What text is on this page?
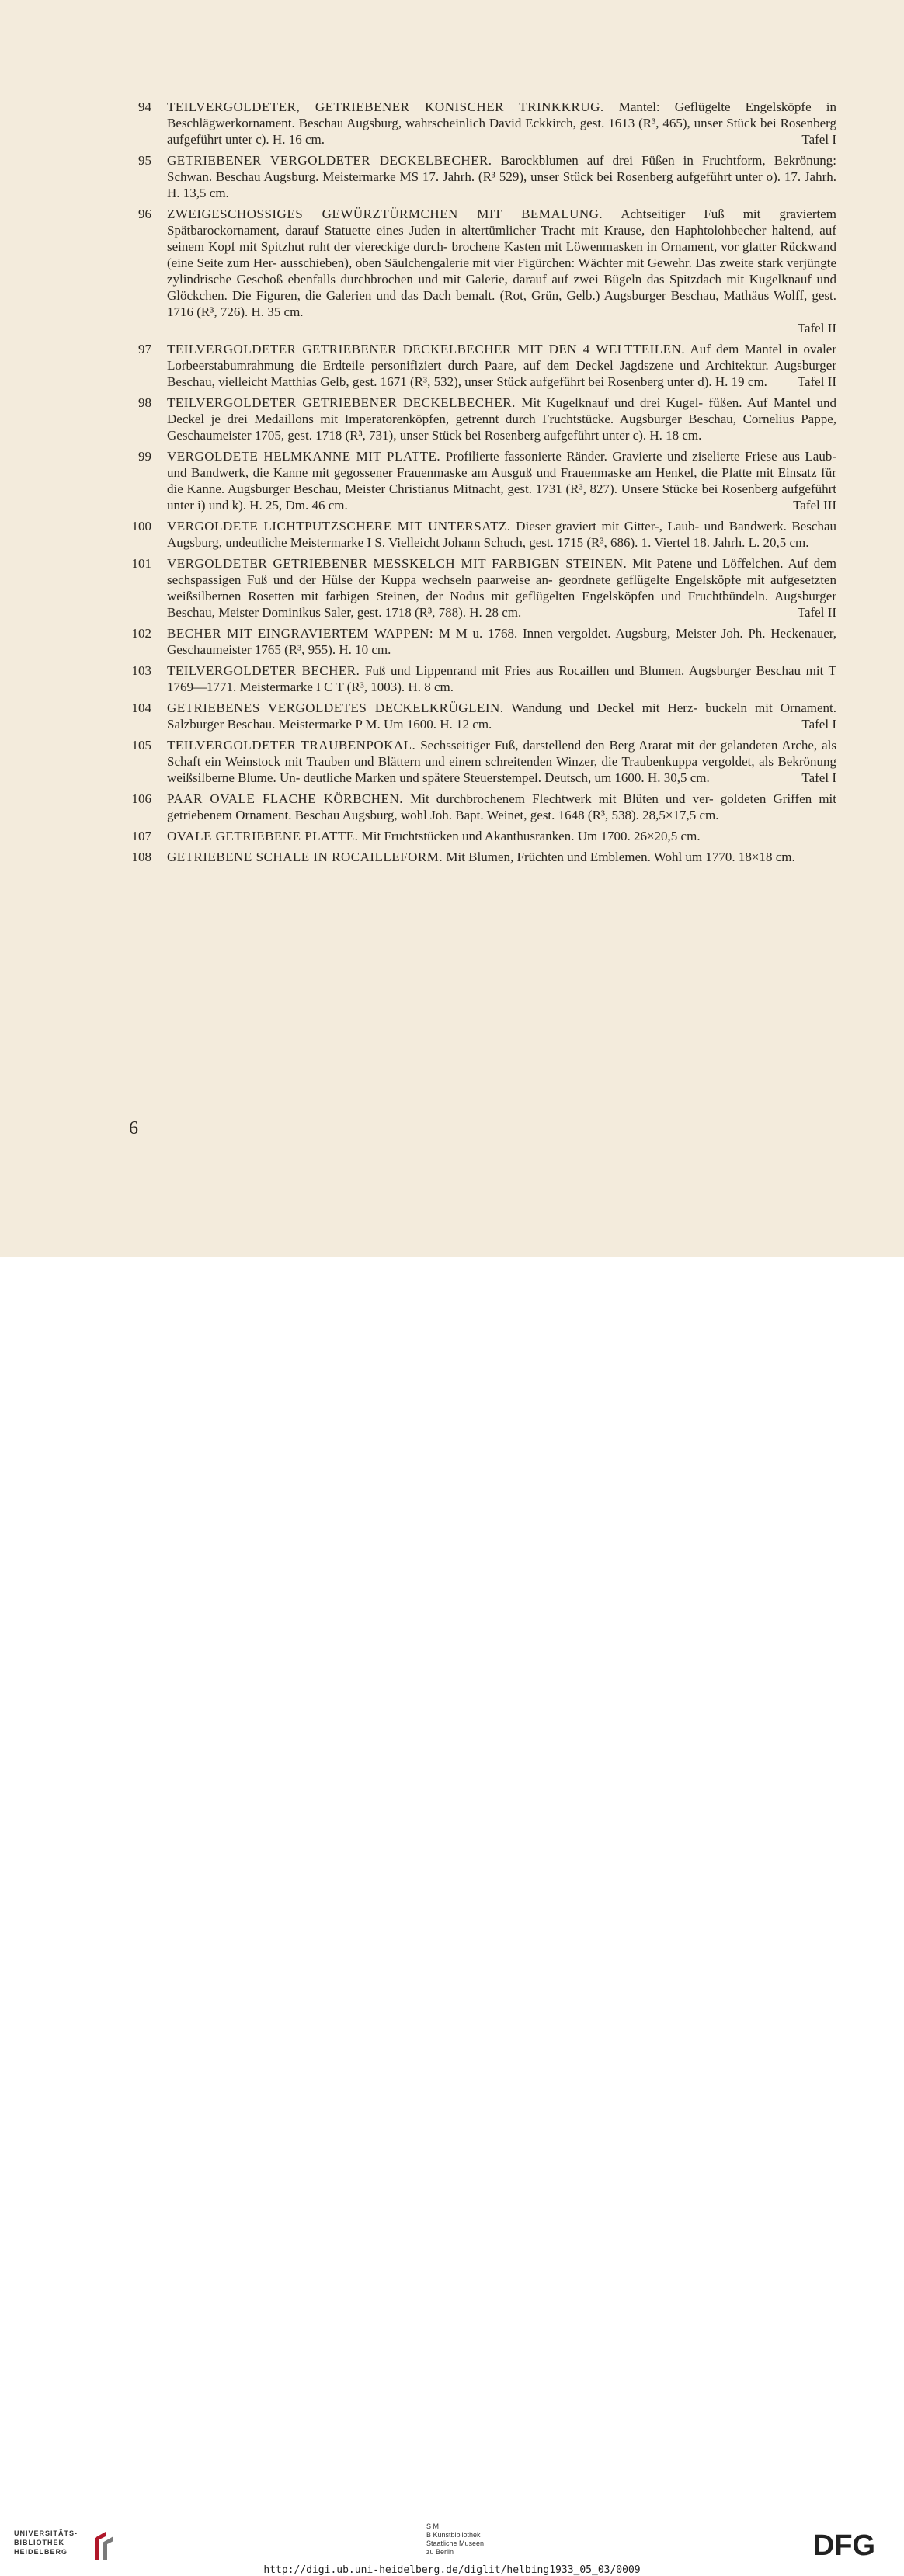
94 TEILVERGOLDETER, GETRIEBENER KONISCHER TRINKKRUG. Mantel: Geflügelte Engelsköpfe in Beschlägwerkornament. Beschau Augsburg, wahrscheinlich David Eckkirch, gest. 1613 (R³, 465), unser Stück bei Rosenberg aufgeführt unter c). H. 16 cm.	Tafel I
95 GETRIEBENER VERGOLDETER DECKELBECHER. Barockblumen auf drei Füßen in Fruchtform, Bekrönung: Schwan. Beschau Augsburg. Meistermarke MS 17. Jahrh. (R³ 529), unser Stück bei Rosenberg aufgeführt unter o). 17. Jahrh. H. 13,5 cm.
96 ZWEIGESCHOSSIGES GEWÜRZTÜRMCHEN MIT BEMALUNG. Achtseitiger Fuß mit graviertem Spätbarockornament, darauf Statuette eines Juden in altertümlicher Tracht mit Krause, den Haphtolohbecher haltend, auf seinem Kopf mit Spitzhut ruht der viereckige durch- brochene Kasten mit Löwenmasken in Ornament, vor glatter Rückwand (eine Seite zum Her- ausschieben), oben Säulchengalerie mit vier Figürchen: Wächter mit Gewehr. Das zweite stark verjüngte zylindrische Geschoß ebenfalls durchbrochen und mit Galerie, darauf auf zwei Bügeln das Spitzdach mit Kugelknauf und Glöckchen. Die Figuren, die Galerien und das Dach bemalt. (Rot, Grün, Gelb.) Augsburger Beschau, Mathäus Wolff, gest. 1716 (R³, 726). H. 35 cm.
Tafel II
97 TEILVERGOLDETER GETRIEBENER DECKELBECHER MIT DEN 4 WELTTEILEN. Auf dem Mantel in ovaler Lorbeerstabumrahmung die Erdteile personifiziert durch Paare, auf dem Deckel Jagdszene und Architektur. Augsburger Beschau, vielleicht Matthias Gelb, gest. 1671 (R³, 532), unser Stück aufgeführt bei Rosenberg unter d). H. 19 cm. Tafel II
98 TEILVERGOLDETER GETRIEBENER DECKELBECHER. Mit Kugelknauf und drei Kugel- füßen. Auf Mantel und Deckel je drei Medaillons mit Imperatorenköpfen, getrennt durch Fruchtstücke. Augsburger Beschau, Cornelius Pappe, Geschaumeister 1705, gest. 1718 (R³, 731), unser Stück bei Rosenberg aufgeführt unter c). H. 18 cm.
99 VERGOLDETE HELMKANNE MIT PLATTE. Profilierte fassonierte Ränder. Gravierte und ziselierte Friese aus Laub- und Bandwerk, die Kanne mit gegossener Frauenmaske am Ausguß und Frauenmaske am Henkel, die Platte mit Einsatz für die Kanne. Augsburger Beschau, Meister Christianus Mitnacht, gest. 1731 (R³, 827). Unsere Stücke bei Rosenberg aufgeführt unter i) und k). H. 25, Dm. 46 cm.	Tafel III
100 VERGOLDETE LICHTPUTZSCHERE MIT UNTERSATZ. Dieser graviert mit Gitter-, Laub- und Bandwerk. Beschau Augsburg, undeutliche Meistermarke I S. Vielleicht Johann Schuch, gest. 1715 (R³, 686). 1. Viertel 18. Jahrh. L. 20,5 cm.
101 VERGOLDETER GETRIEBENER MESSKELCH MIT FARBIGEN STEINEN. Mit Patene und Löffelchen. Auf dem sechspassigen Fuß und der Hülse der Kuppa wechseln paarweise an- geordnete geflügelte Engelsköpfe mit aufgesetzten weißsilbernen Rosetten mit farbigen Steinen, der Nodus mit geflügelten Engelsköpfen und Fruchtbündeln. Augsburger Beschau, Meister Dominikus Saler, gest. 1718 (R³, 788). H. 28 cm.	Tafel II
102 BECHER MIT EINGRAVIERTEM WAPPEN: M M u. 1768. Innen vergoldet. Augsburg, Meister Joh. Ph. Heckenauer, Geschaumeister 1765 (R³, 955). H. 10 cm.
103 TEILVERGOLDETER BECHER. Fuß und Lippenrand mit Fries aus Rocaillen und Blumen. Augsburger Beschau mit T 1769—1771. Meistermarke I C T (R³, 1003). H. 8 cm.
104 GETRIEBENES VERGOLDETES DECKELKRÜGLEIN. Wandung und Deckel mit Herz- buckeln mit Ornament. Salzburger Beschau. Meistermarke P M. Um 1600. H. 12 cm.	Tafel I
105 TEILVERGOLDETER TRAUBENPOKAL. Sechsseitiger Fuß, darstellend den Berg Ararat mit der gelandeten Arche, als Schaft ein Weinstock mit Trauben und Blättern und einem schreitenden Winzer, die Traubenkuppa vergoldet, als Bekrönung weißsilberne Blume. Un- deutliche Marken und spätere Steuerstempel. Deutsch, um 1600. H. 30,5 cm.	Tafel I
106 PAAR OVALE FLACHE KÖRBCHEN. Mit durchbrochenem Flechtwerk mit Blüten und ver- goldeten Griffen mit getriebenem Ornament. Beschau Augsburg, wohl Joh. Bapt. Weinet, gest. 1648 (R³, 538). 28,5×17,5 cm.
107 OVALE GETRIEBENE PLATTE. Mit Fruchtstücken und Akanthusranken. Um 1700. 26×20,5 cm.
108 GETRIEBENE SCHALE IN ROCAILLEFORM. Mit Blumen, Früchten und Emblemen. Wohl um 1770. 18×18 cm.
6
UNIVERSITÄTS-
BIBLIOTHEK
HEIDELBERG
S M
B Kunstbibliothek
Staatliche Museen
zu Berlin	DFG
http://digi.ub.uni-heidelberg.de/diglit/helbing1933_05_03/0009
